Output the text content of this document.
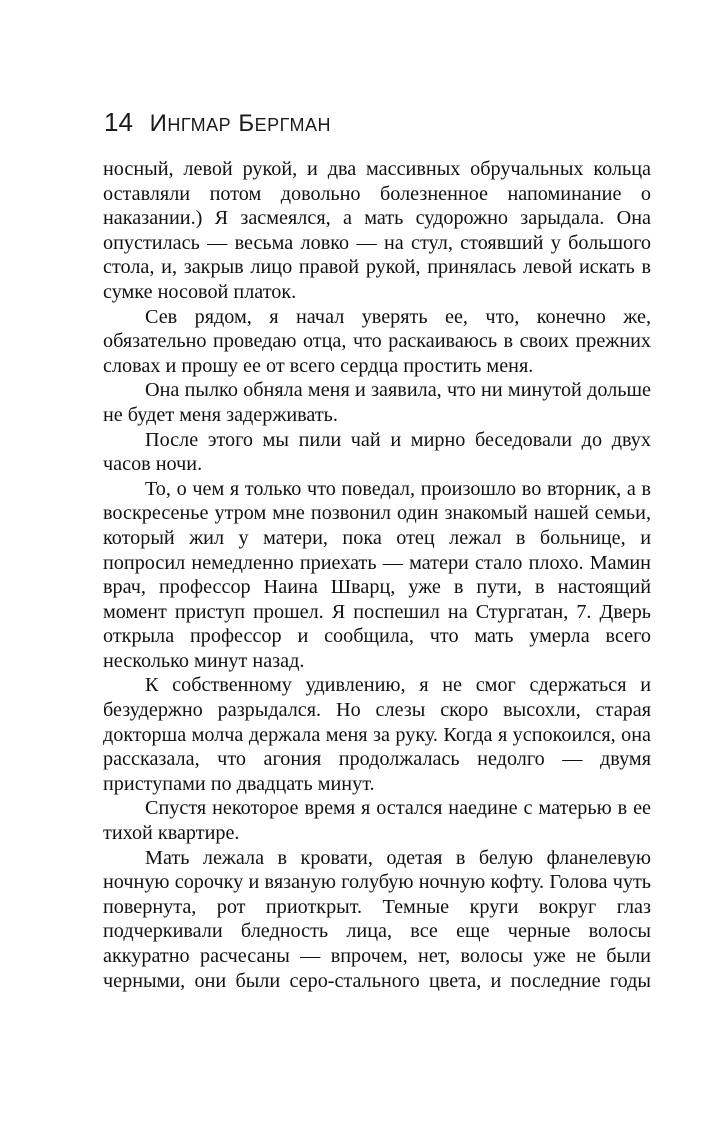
14 ИНГМАР БЕРГМАН

носный, левой рукой, и два массивных обручальных кольца оставляли потом довольно болезненное напоминание о наказании.) Я засмеялся, а мать судорожно зарыдала. Она опустилась — весьма ловко — на стул, стоявший у большого стола, и, закрыв лицо правой рукой, принялась левой искать в сумке носовой платок.

Сев рядом, я начал уверять ее, что, конечно же, обязательно проведаю отца, что раскаиваюсь в своих прежних словах и прошу ее от всего сердца простить меня.

Она пылко обняла меня и заявила, что ни минутой дольше не будет меня задерживать.

После этого мы пили чай и мирно беседовали до двух часов ночи.

То, о чем я только что поведал, произошло во вторник, а в воскресенье утром мне позвонил один знакомый нашей семьи, который жил у матери, пока отец лежал в больнице, и попросил немедленно приехать — матери стало плохо. Мамин врач, профессор Наина Шварц, уже в пути, в настоящий момент приступ прошел. Я поспешил на Стургатан, 7. Дверь открыла профессор и сообщила, что мать умерла всего несколько минут назад.

К собственному удивлению, я не смог сдержаться и безудержно разрыдался. Но слезы скоро высохли, старая докторша молча держала меня за руку. Когда я успокоился, она рассказала, что агония продолжалась недолго — двумя приступами по двадцать минут.

Спустя некоторое время я остался наедине с матерью в ее тихой квартире.

Мать лежала в кровати, одетая в белую фланелевую ночную сорочку и вязаную голубую ночную кофту. Голова чуть повернута, рот приоткрыт. Темные круги вокруг глаз подчеркивали бледность лица, все еще черные волосы аккуратно расчесаны — впрочем, нет, волосы уже не были черными, они были серо-стального цвета, и последние годы
